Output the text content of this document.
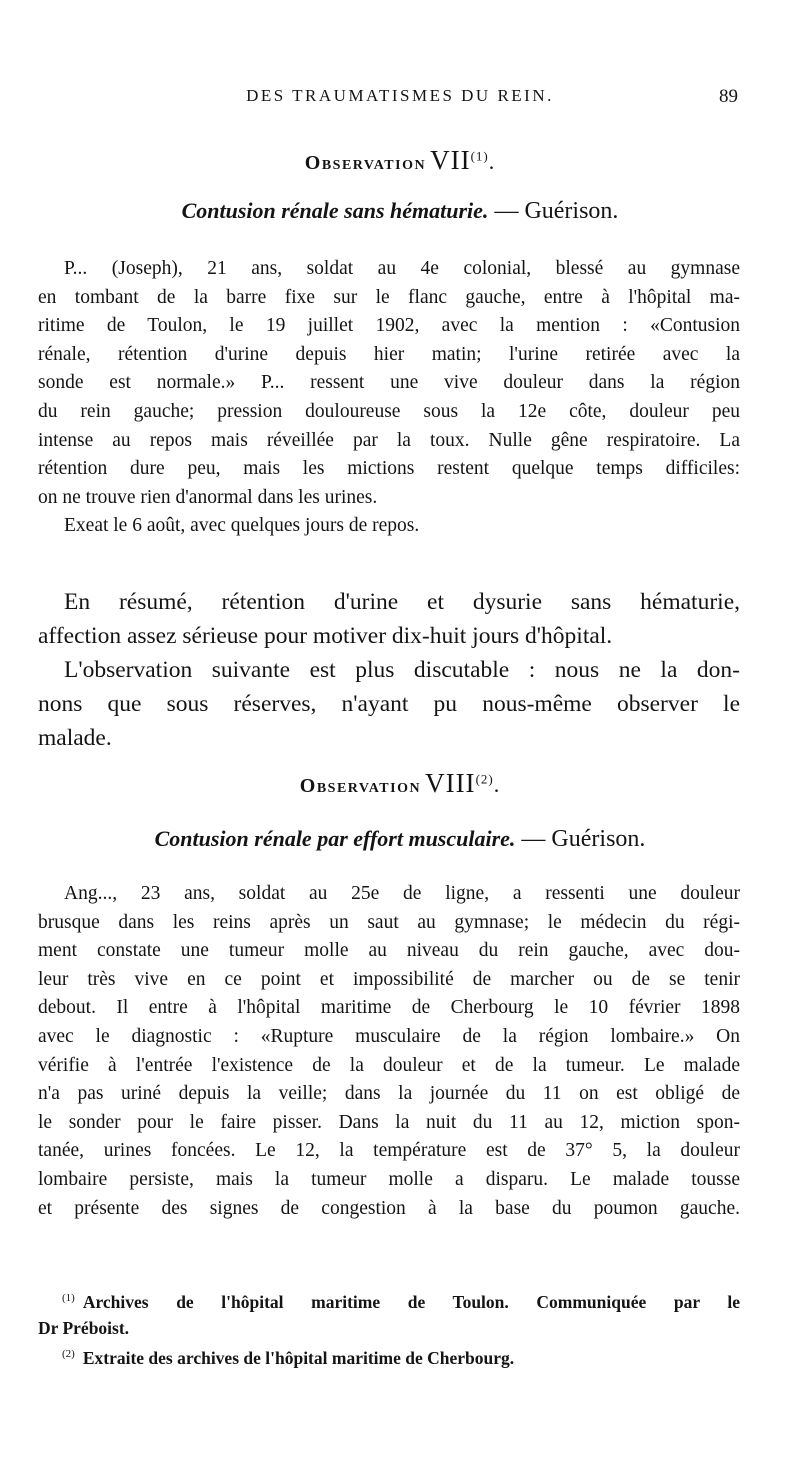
DES TRAUMATISMES DU REIN.	89
Observation VII$^{(1)}$.
Contusion rénale sans hématurie. — Guérison.
P... (Joseph), 21 ans, soldat au 4e colonial, blessé au gymnase
en tombant de la barre fixe sur le flanc gauche, entre à l'hôpital ma-
ritime de Toulon, le 19 juillet 1902, avec la mention : «Contusion
rénale, rétention d'urine depuis hier matin; l'urine retirée avec la
sonde est normale.» P... ressent une vive douleur dans la région
du rein gauche; pression douloureuse sous la 12e côte, douleur peu
intense au repos mais réveillée par la toux. Nulle gêne respiratoire. La
rétention dure peu, mais les mictions restent quelque temps difficiles:
on ne trouve rien d'anormal dans les urines.
Exeat le 6 août, avec quelques jours de repos.
En résumé, rétention d'urine et dysurie sans hématurie,
affection assez sérieuse pour motiver dix-huit jours d'hôpital.
L'observation suivante est plus discutable : nous ne la don-
nons que sous réserves, n'ayant pu nous-même observer le
malade.
Observation VIII$^{(2)}$.
Contusion rénale par effort musculaire. — Guérison.
Ang..., 23 ans, soldat au 25e de ligne, a ressenti une douleur
brusque dans les reins après un saut au gymnase; le médecin du régi-
ment constate une tumeur molle au niveau du rein gauche, avec dou-
leur très vive en ce point et impossibilité de marcher ou de se tenir
debout. Il entre à l'hôpital maritime de Cherbourg le 10 février 1898
avec le diagnostic : «Rupture musculaire de la région lombaire.» On
vérifie à l'entrée l'existence de la douleur et de la tumeur. Le malade
n'a pas uriné depuis la veille; dans la journée du 11 on est obligé de
le sonder pour le faire pisser. Dans la nuit du 11 au 12, miction spon-
tanée, urines foncées. Le 12, la température est de 37° 5, la douleur
lombaire persiste, mais la tumeur molle a disparu. Le malade tousse
et présente des signes de congestion à la base du poumon gauche.
$^{(1)}$ Archives de l'hôpital maritime de Toulon. Communiquée par le
Dr Préboist.
$^{(2)}$ Extraite des archives de l'hôpital maritime de Cherbourg.
